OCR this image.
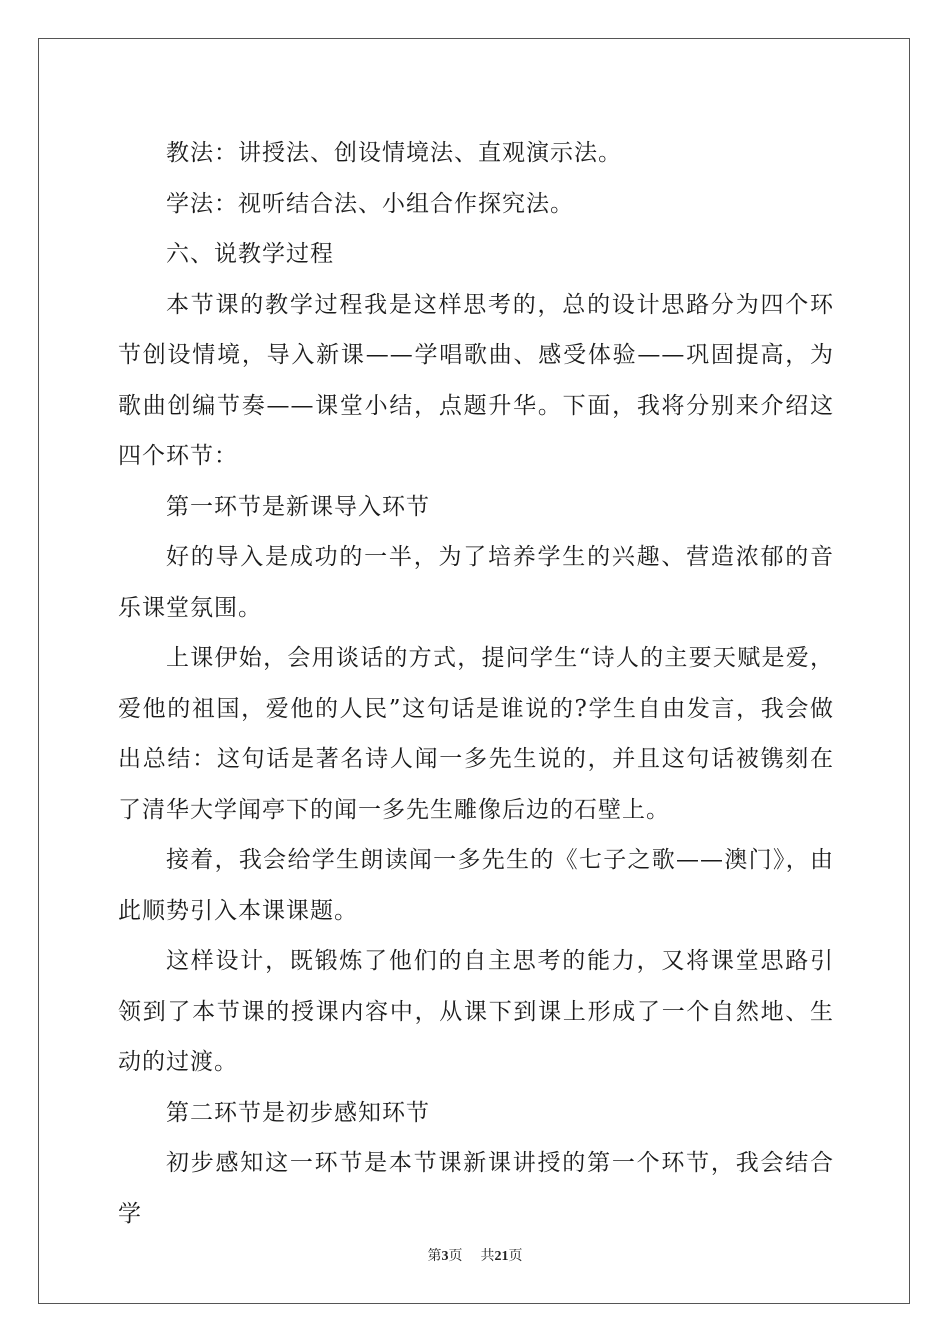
教法：讲授法、创设情境法、直观演示法。

学法：视听结合法、小组合作探究法。

六、说教学过程

本节课的教学过程我是这样思考的，总的设计思路分为四个环节创设情境，导入新课——学唱歌曲、感受体验——巩固提高，为歌曲创编节奏——课堂小结，点题升华。下面，我将分别来介绍这四个环节：

第一环节是新课导入环节

好的导入是成功的一半，为了培养学生的兴趣、营造浓郁的音乐课堂氛围。

上课伊始，会用谈话的方式，提问学生“诗人的主要天赋是爱，爱他的祖国，爱他的人民”这句话是谁说的?学生自由发言，我会做出总结：这句话是著名诗人闻一多先生说的，并且这句话被镌刻在了清华大学闻亭下的闻一多先生雕像后边的石壁上。

接着，我会给学生朗读闻一多先生的《七子之歌——澳门》，由此顺势引入本课课题。

这样设计，既锻炼了他们的自主思考的能力，又将课堂思路引领到了本节课的授课内容中，从课下到课上形成了一个自然地、生动的过渡。

第二环节是初步感知环节

初步感知这一环节是本节课新课讲授的第一个环节，我会结合学

第3页 共21页
